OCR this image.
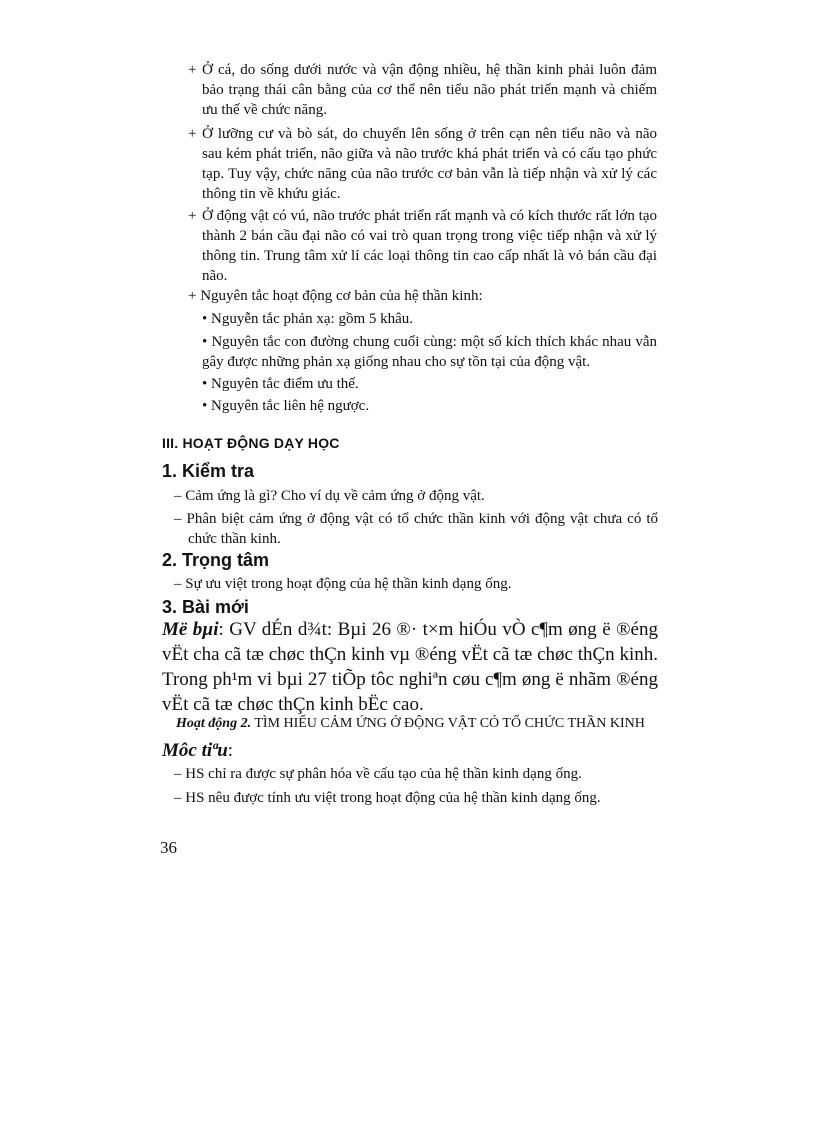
+ Ở cá, do sống dưới nước và vận động nhiều, hệ thần kinh phải luôn đảm bảo trạng thái cân bằng của cơ thể nên tiểu não phát triển mạnh và chiếm ưu thế về chức năng.
+ Ở lưỡng cư và bò sát, do chuyển lên sống ở trên cạn nên tiểu não và não sau kém phát triển, não giữa và não trước khá phát triển và có cấu tạo phức tạp. Tuy vậy, chức năng của não trước cơ bản vẫn là tiếp nhận và xử lý các thông tin về khứu giác.
+ Ở động vật có vú, não trước phát triển rất mạnh và có kích thước rất lớn tạo thành 2 bán cầu đại não có vai trò quan trọng trong việc tiếp nhận và xử lý thông tin. Trung tâm xử lí các loại thông tin cao cấp nhất là vỏ bán cầu đại não.
+ Nguyên tắc hoạt động cơ bản của hệ thần kinh:
• Nguyễn tắc phản xạ: gồm 5 khâu.
• Nguyên tắc con đường chung cuối cùng: một số kích thích khác nhau vẫn gây được những phản xạ giống nhau cho sự tồn tại của động vật.
• Nguyên tắc điểm ưu thế.
• Nguyên tắc liên hệ ngược.
III. HOẠT ĐỘNG DẠY HỌC
1. Kiểm tra
– Cảm ứng là gì? Cho ví dụ về cảm ứng ở động vật.
– Phân biệt cảm ứng ở động vật có tổ chức thần kinh với động vật chưa có tổ chức thần kinh.
2. Trọng tâm
– Sự ưu việt trong hoạt động của hệ thần kinh dạng ống.
3. Bài mới
Më bµi: GV dÉn d¾t: Bµi 26 ®· t×m hiÓu vÒ c¶m øng ë ®éng vËt cha cã tæ chøc thÇn kinh vµ ®éng vËt cã tæ chøc thÇn kinh. Trong ph¹m vi bµi 27 tiÕp tôc nghiªn cøu c¶m øng ë nhãm ®éng vËt cã tæ chøc thÇn kinh bËc cao.
Hoạt động 2. TÌM HIỂU CẢM ỨNG Ở ĐỘNG VẬT CÓ TỔ CHỨC THẦN KINH
Môc tiªu:
– HS chỉ ra được sự phân hóa về cấu tạo của hệ thần kinh dạng ống.
– HS nêu được tính ưu việt trong hoạt động của hệ thần kinh dạng ống.
36
